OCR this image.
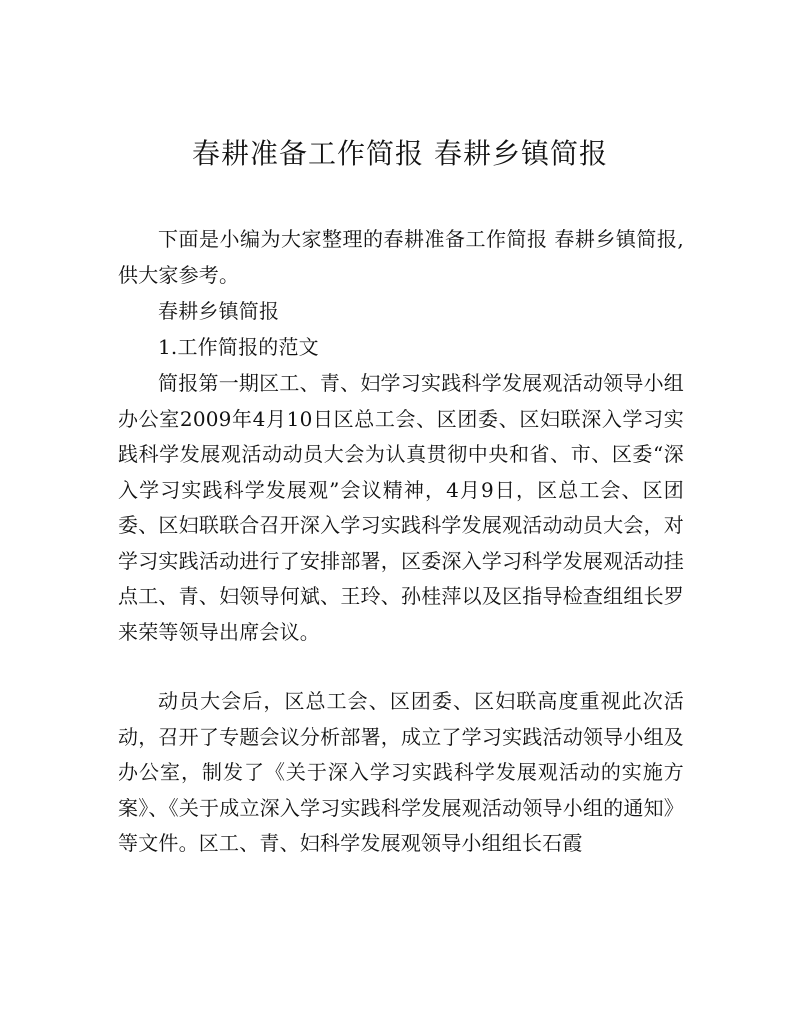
春耕准备工作简报 春耕乡镇简报

下面是小编为大家整理的春耕准备工作简报 春耕乡镇简报,供大家参考。

春耕乡镇简报

1.工作简报的范文

简报第一期区工、青、妇学习实践科学发展观活动领导小组办公室2009年4月10日区总工会、区团委、区妇联深入学习实践科学发展观活动动员大会为认真贯彻中央和省、市、区委“深入学习实践科学发展观”会议精神，4月9日，区总工会、区团委、区妇联联合召开深入学习实践科学发展观活动动员大会，对学习实践活动进行了安排部署，区委深入学习科学发展观活动挂点工、青、妇领导何斌、王玲、孙桂萍以及区指导检查组组长罗来荣等领导出席会议。

动员大会后，区总工会、区团委、区妇联高度重视此次活动，召开了专题会议分析部署，成立了学习实践活动领导小组及办公室，制发了《关于深入学习实践科学发展观活动的实施方案》、《关于成立深入学习实践科学发展观活动领导小组的通知》等文件。区工、青、妇科学发展观领导小组组长石霞
